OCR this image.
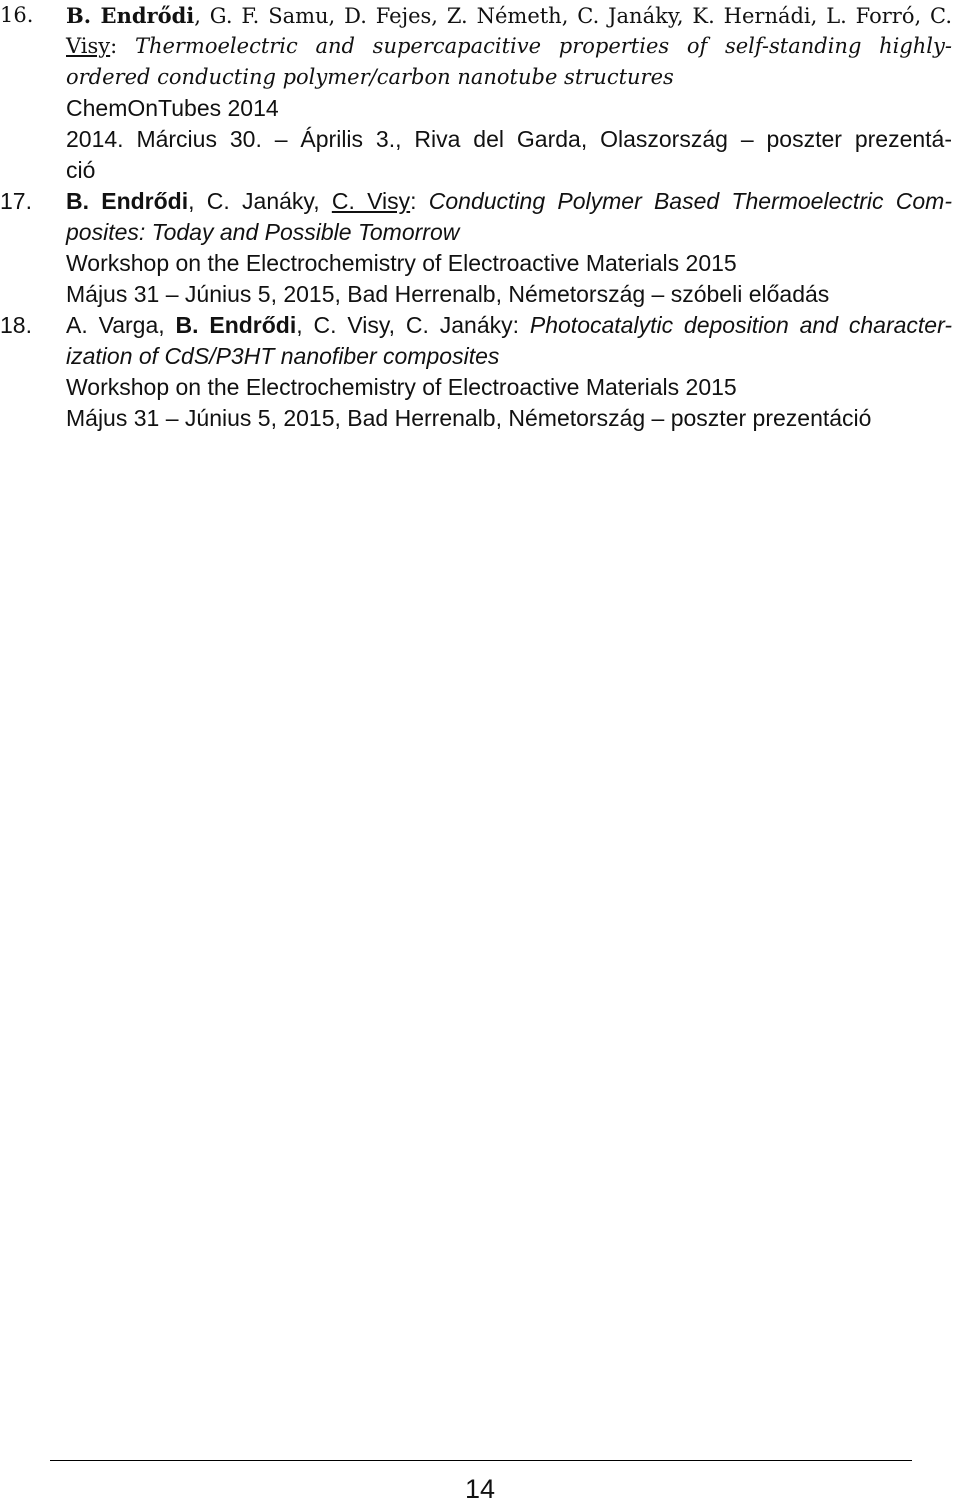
16.	B. Endrődi, G. F. Samu, D. Fejes, Z. Németh, C. Janáky, K. Hernádi, L. Forró, C.
Visy: Thermoelectric and supercapacitive properties of self-standing highly-
ordered conducting polymer/carbon nanotube structures
ChemOnTubes 2014
2014. Március 30. – Április 3., Riva del Garda, Olaszország – poszter prezentá-
ció
17.	B. Endrődi, C. Janáky, C. Visy: Conducting Polymer Based Thermoelectric Com-
posites: Today and Possible Tomorrow
Workshop on the Electrochemistry of Electroactive Materials 2015
Május 31 – Június 5, 2015, Bad Herrenalb, Németország – szóbeli előadás
18.	A. Varga, B. Endrődi, C. Visy, C. Janáky: Photocatalytic deposition and character-
ization of CdS/P3HT nanofiber composites
Workshop on the Electrochemistry of Electroactive Materials 2015
Május 31 – Június 5, 2015, Bad Herrenalb, Németország – poszter prezentáció
14
